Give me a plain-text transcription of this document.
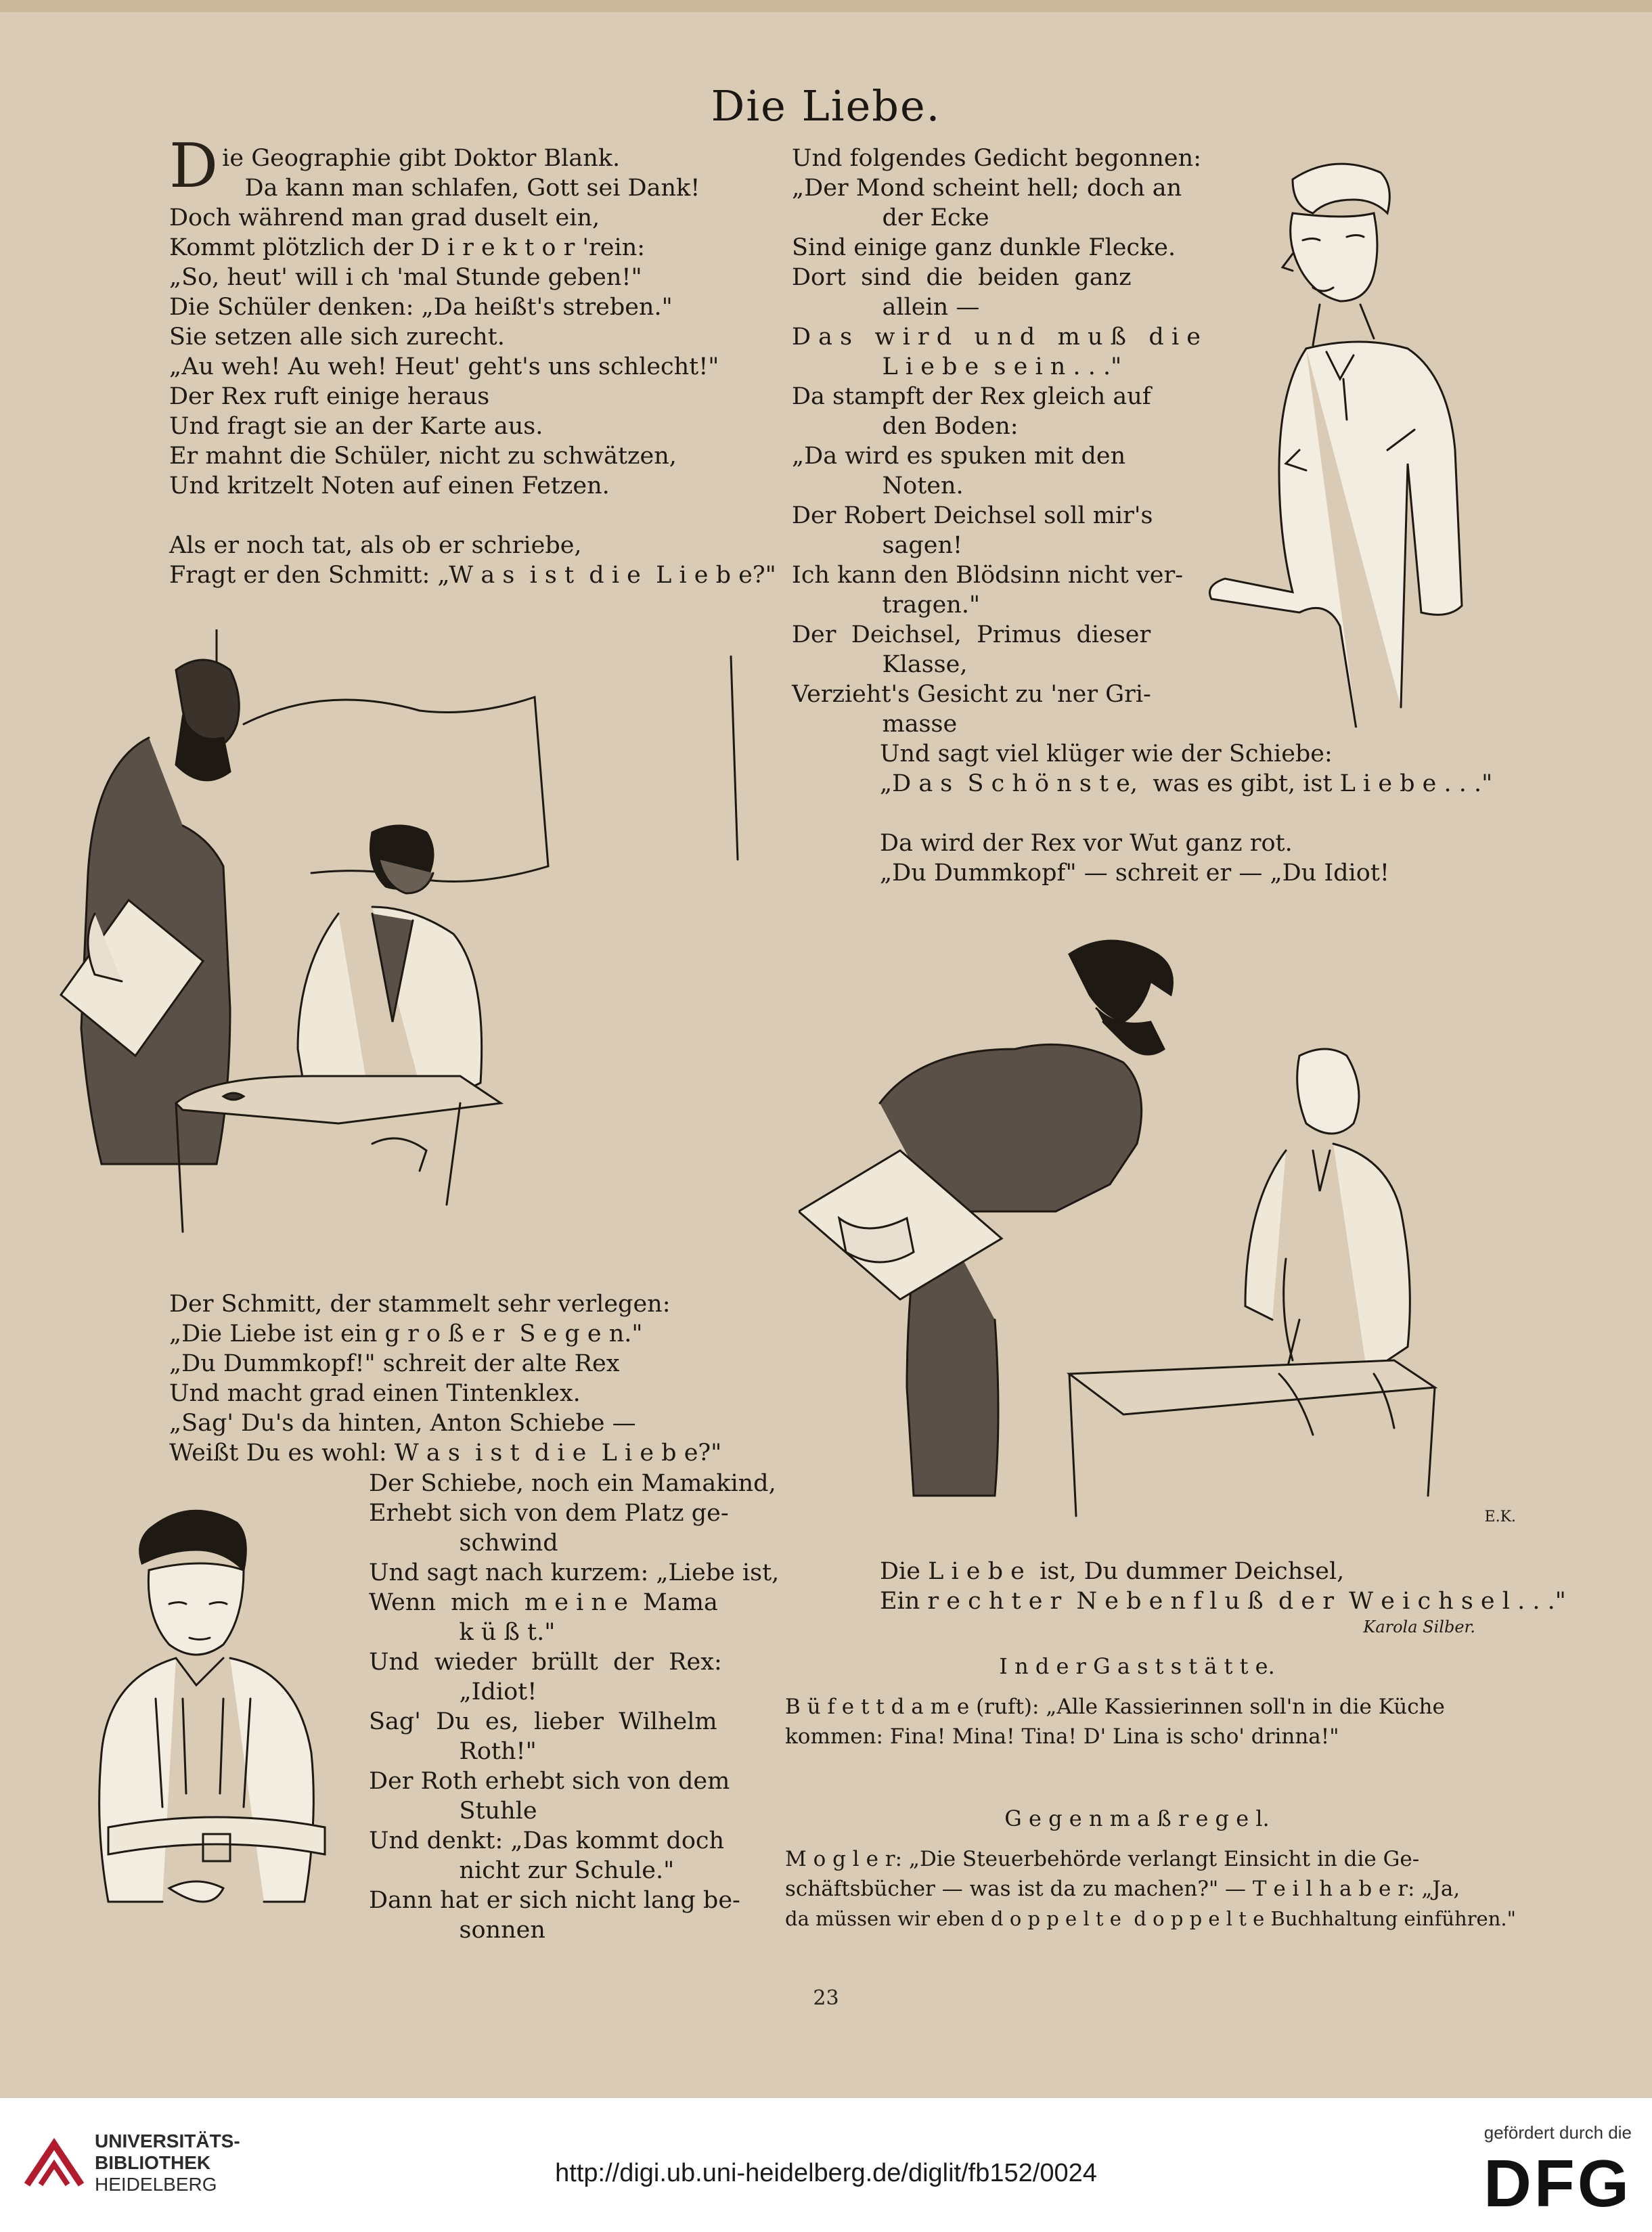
Die Liebe.
Die Geographie gibt Doktor Blank.
Da kann man schlafen, Gott sei Dank!
Doch während man grad duselt ein,
Kommt plötzlich der D i r e k t o r 'rein:
„So, heut' will i ch 'mal Stunde geben!"
Die Schüler denken: „Da heißt's streben."
Sie setzen alle sich zurecht.
„Au weh! Au weh! Heut' geht's uns schlecht!"
Der Rex ruft einige heraus
Und fragt sie an der Karte aus.
Er mahnt die Schüler, nicht zu schwätzen,
Und kritzelt Noten auf einen Fetzen.
Als er noch tat, als ob er schriebe,
Fragt er den Schmitt: „W a s  i s t  d i e  L i e b e?"
Und folgendes Gedicht begonnen:
„Der Mond scheint hell; doch an
der Ecke
Sind einige ganz dunkle Flecke.
Dort  sind  die  beiden  ganz
allein —
D a s   w i r d   u n d   m u ß   d i e
L i e b e  s e i n . . ."
Da stampft der Rex gleich auf
den Boden:
„Da wird es spuken mit den
Noten.
Der Robert Deichsel soll mir's
sagen!
Ich kann den Blödsinn nicht ver-
tragen."
Der  Deichsel,  Primus  dieser
Klasse,
Verzieht's Gesicht zu 'ner Gri-
masse
Und sagt viel klüger wie der Schiebe:
„D a s  S c h ö n s t e,  was es gibt, ist L i e b e . . ."
Da wird der Rex vor Wut ganz rot.
„Du Dummkopf" — schreit er — „Du Idiot!
E.K.
Der Schmitt, der stammelt sehr verlegen:
„Die Liebe ist ein g r o ß e r  S e g e n."
„Du Dummkopf!" schreit der alte Rex
Und macht grad einen Tintenklex.
„Sag' Du's da hinten, Anton Schiebe —
Weißt Du es wohl: W a s  i s t  d i e  L i e b e?"
Der Schiebe, noch ein Mamakind,
Erhebt sich von dem Platz ge-
schwind
Und sagt nach kurzem: „Liebe ist,
Wenn  mich  m e i n e  Mama
k ü ß t."
Und  wieder  brüllt  der  Rex:
„Idiot!
Sag'  Du  es,  lieber  Wilhelm
Roth!"
Der Roth erhebt sich von dem
Stuhle
Und denkt: „Das kommt doch
nicht zur Schule."
Dann hat er sich nicht lang be-
sonnen
Die L i e b e  ist, Du dummer Deichsel,
Ein r e c h t e r  N e b e n f l u ß  d e r  W e i c h s e l . . ."
Karola Silber.
I n d e r G a s t s t ä t t e.
B ü f e t t d a m e (ruft): „Alle Kassierinnen soll'n in die Küche
kommen: Fina! Mina! Tina! D' Lina is scho' drinna!"
G e g e n m a ß r e g e l.
M o g l e r: „Die Steuerbehörde verlangt Einsicht in die Ge-
schäftsbücher — was ist da zu machen?" — T e i l h a b e r: „Ja,
da müssen wir eben d o p p e l t e  d o p p e l t e Buchhaltung einführen."
23
UNIVERSITÄTS-
BIBLIOTHEK
HEIDELBERG	http://digi.ub.uni-heidelberg.de/diglit/fb152/0024
gefördert durch die
DFG
